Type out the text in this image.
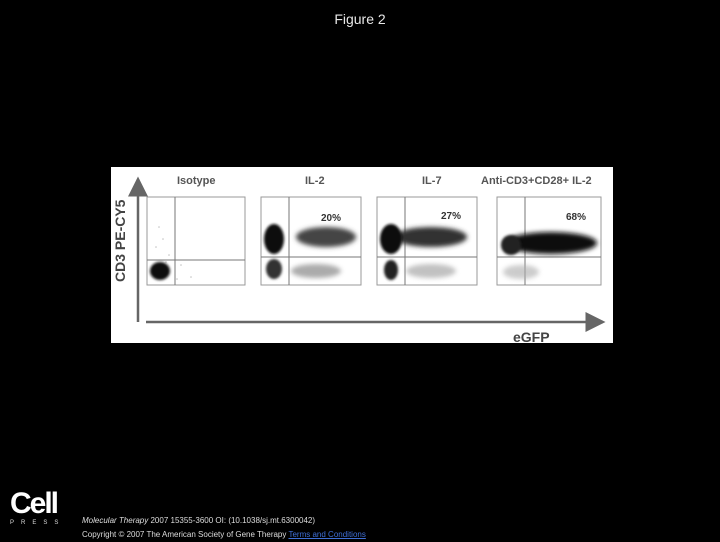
Figure 2
CD3 PE-CY5
eGFP
Isotype	IL-2	IL-7	Anti-CD3+CD28+ IL-2
20%	27%	68%
Cell
PRESS	Molecular Therapy 2007 15355-3600 OI: (10.1038/sj.mt.6300042)
Copyright © 2007 The American Society of Gene Therapy Terms and Conditions
